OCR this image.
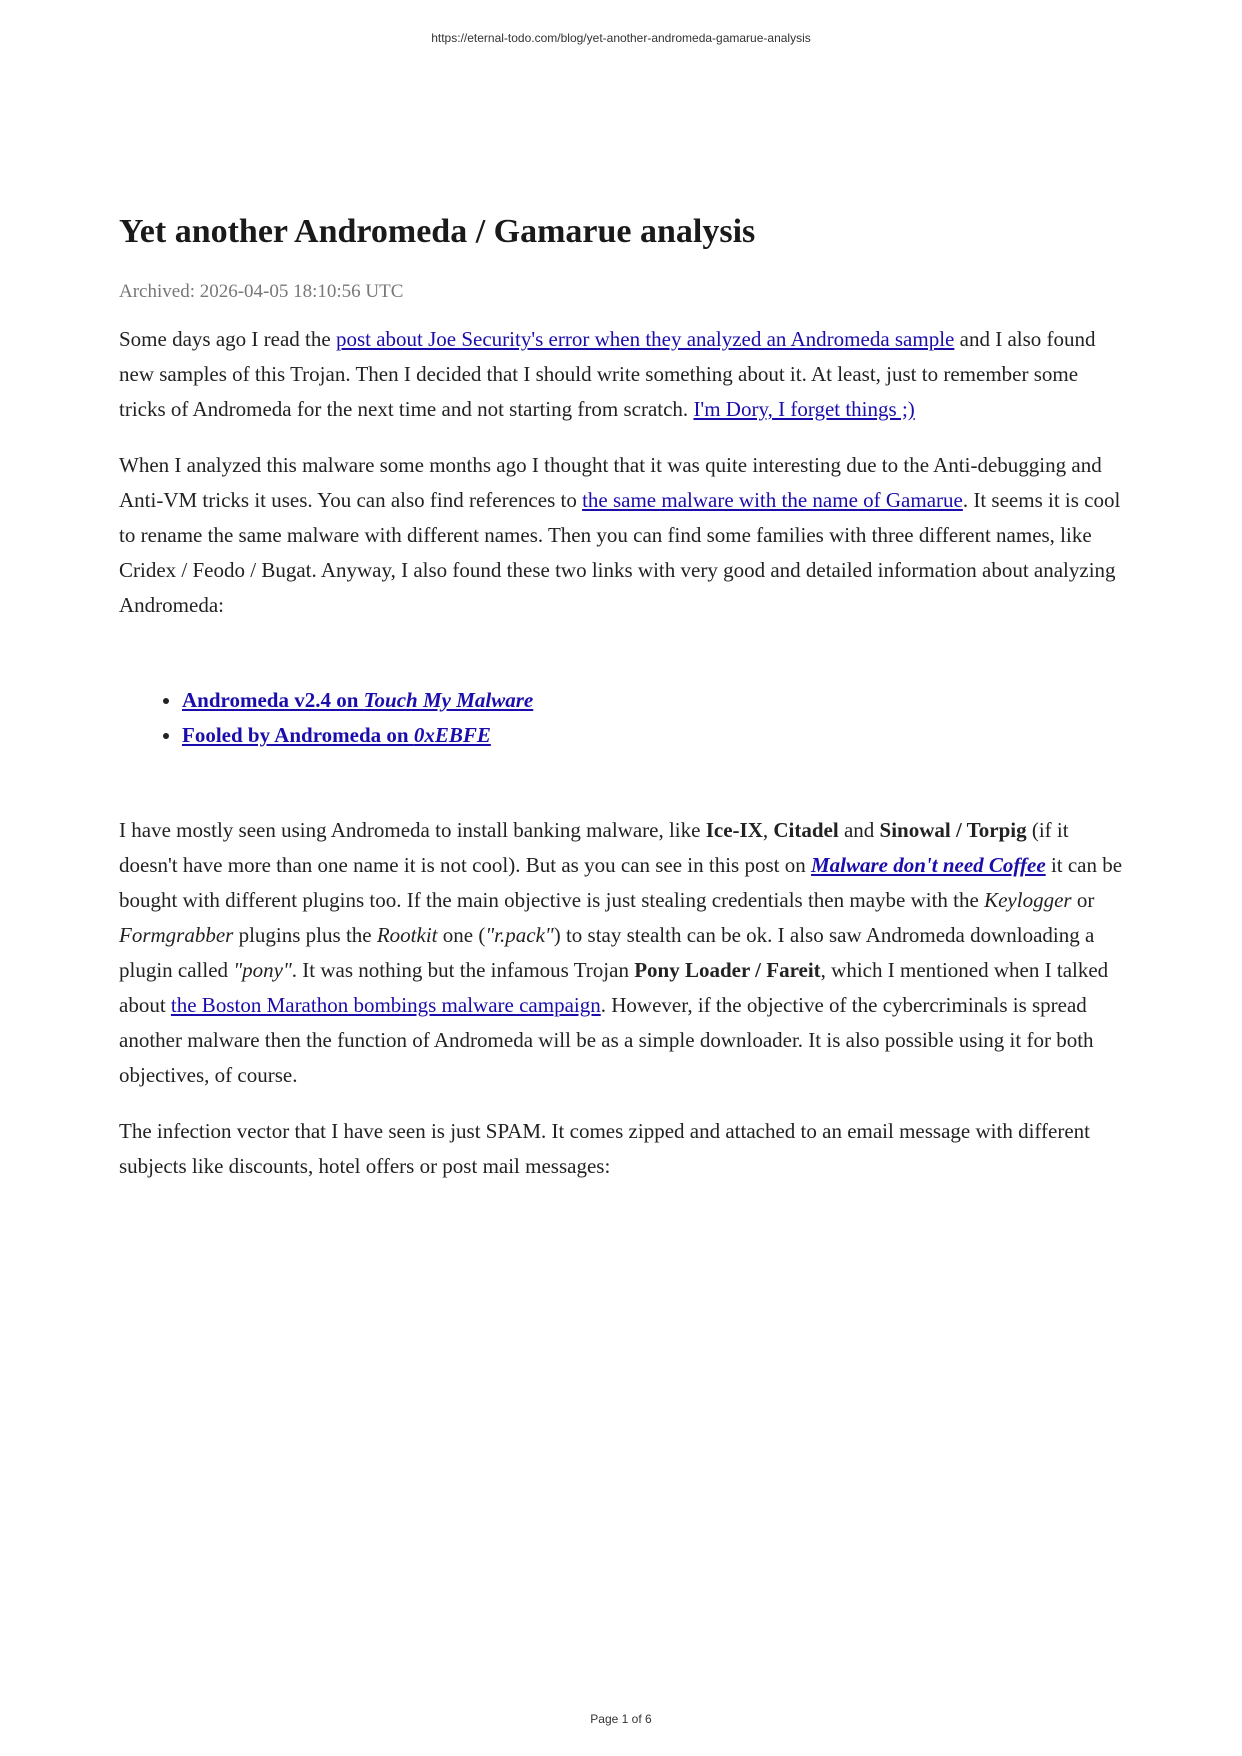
https://eternal-todo.com/blog/yet-another-andromeda-gamarue-analysis
Yet another Andromeda / Gamarue analysis
Archived: 2026-04-05 18:10:56 UTC

Some days ago I read the post about Joe Security's error when they analyzed an Andromeda sample and I also found new samples of this Trojan. Then I decided that I should write something about it. At least, just to remember some tricks of Andromeda for the next time and not starting from scratch. I'm Dory, I forget things ;)

When I analyzed this malware some months ago I thought that it was quite interesting due to the Anti-debugging and Anti-VM tricks it uses. You can also find references to the same malware with the name of Gamarue. It seems it is cool to rename the same malware with different names. Then you can find some families with three different names, like Cridex / Feodo / Bugat. Anyway, I also found these two links with very good and detailed information about analyzing Andromeda:

• Andromeda v2.4 on Touch My Malware
• Fooled by Andromeda on 0xEBFE

I have mostly seen using Andromeda to install banking malware, like Ice-IX, Citadel and Sinowal / Torpig (if it doesn't have more than one name it is not cool). But as you can see in this post on Malware don't need Coffee it can be bought with different plugins too. If the main objective is just stealing credentials then maybe with the Keylogger or Formgrabber plugins plus the Rootkit one ("r.pack") to stay stealth can be ok. I also saw Andromeda downloading a plugin called "pony". It was nothing but the infamous Trojan Pony Loader / Fareit, which I mentioned when I talked about the Boston Marathon bombings malware campaign. However, if the objective of the cybercriminals is spread another malware then the function of Andromeda will be as a simple downloader. It is also possible using it for both objectives, of course.

The infection vector that I have seen is just SPAM. It comes zipped and attached to an email message with different subjects like discounts, hotel offers or post mail messages:

Page 1 of 6
